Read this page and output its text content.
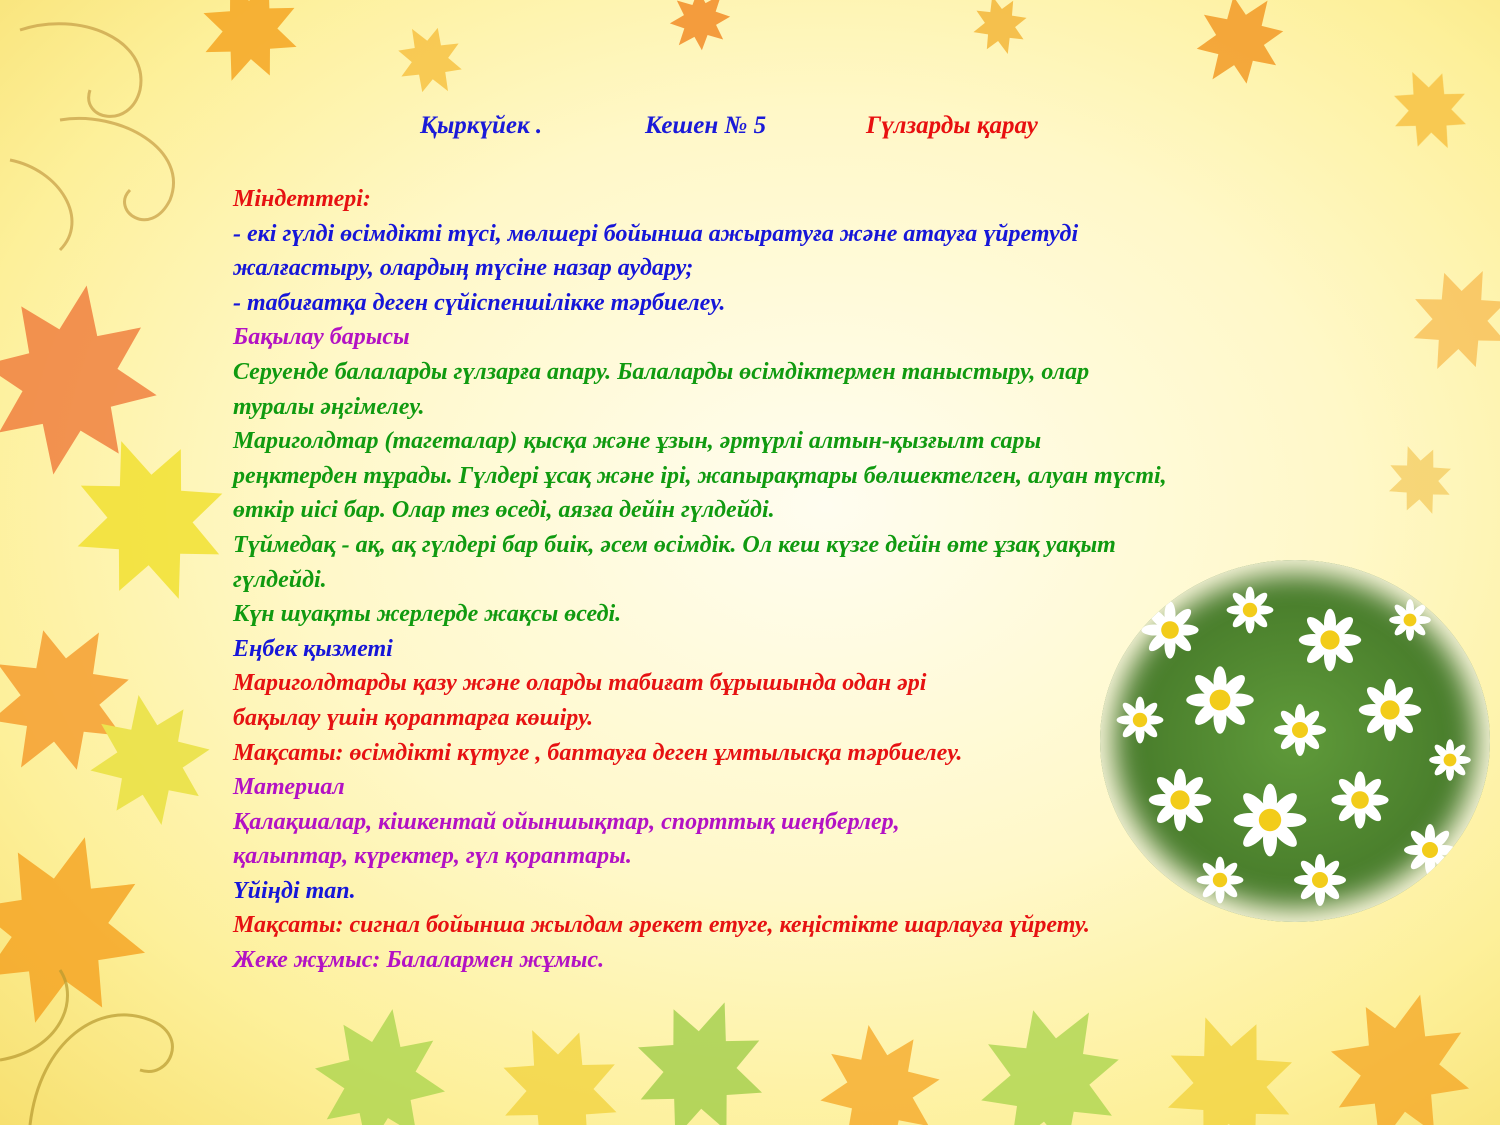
Қыркүйек .	Кешен № 5	Гүлзарды қарау
Міндеттері:
- екі гүлді өсімдікті түсі, мөлшері бойынша ажыратуға және атауға үйретуді
жалғастыру, олардың түсіне назар аудару;
- табиғатқа деген сүйіспеншілікке тәрбиелеу.
Бақылау барысы
Серуенде балаларды гүлзарға апару. Балаларды өсімдіктермен таныстыру, олар
туралы әңгімелеу.
Мариголдтар (тагеталар) қысқа және ұзын, әртүрлі алтын-қызғылт сары
реңктерден тұрады. Гүлдері ұсақ және ірі, жапырақтары бөлшектелген, алуан түсті,
өткір иісі бар. Олар тез өседі, аязға дейін гүлдейді.
Түймедақ - ақ, ақ гүлдері бар биік, әсем өсімдік. Ол кеш күзге дейін өте ұзақ уақыт
гүлдейді.
Күн шуақты жерлерде жақсы өседі.
Еңбек қызметі
Мариголдтарды қазу және оларды табиғат бұрышында одан әрі
бақылау үшін қораптарға көшіру.
Мақсаты: өсімдікті күтуге , баптауға деген ұмтылысқа тәрбиелеу.
Материал
Қалақшалар, кішкентай ойыншықтар, спорттық шеңберлер,
қалыптар, күректер, гүл қораптары.
Үйіңді тап.
Мақсаты: сигнал бойынша жылдам әрекет етуге, кеңістікте шарлауға үйрету.
Жеке жұмыс: Балалармен жұмыс.
